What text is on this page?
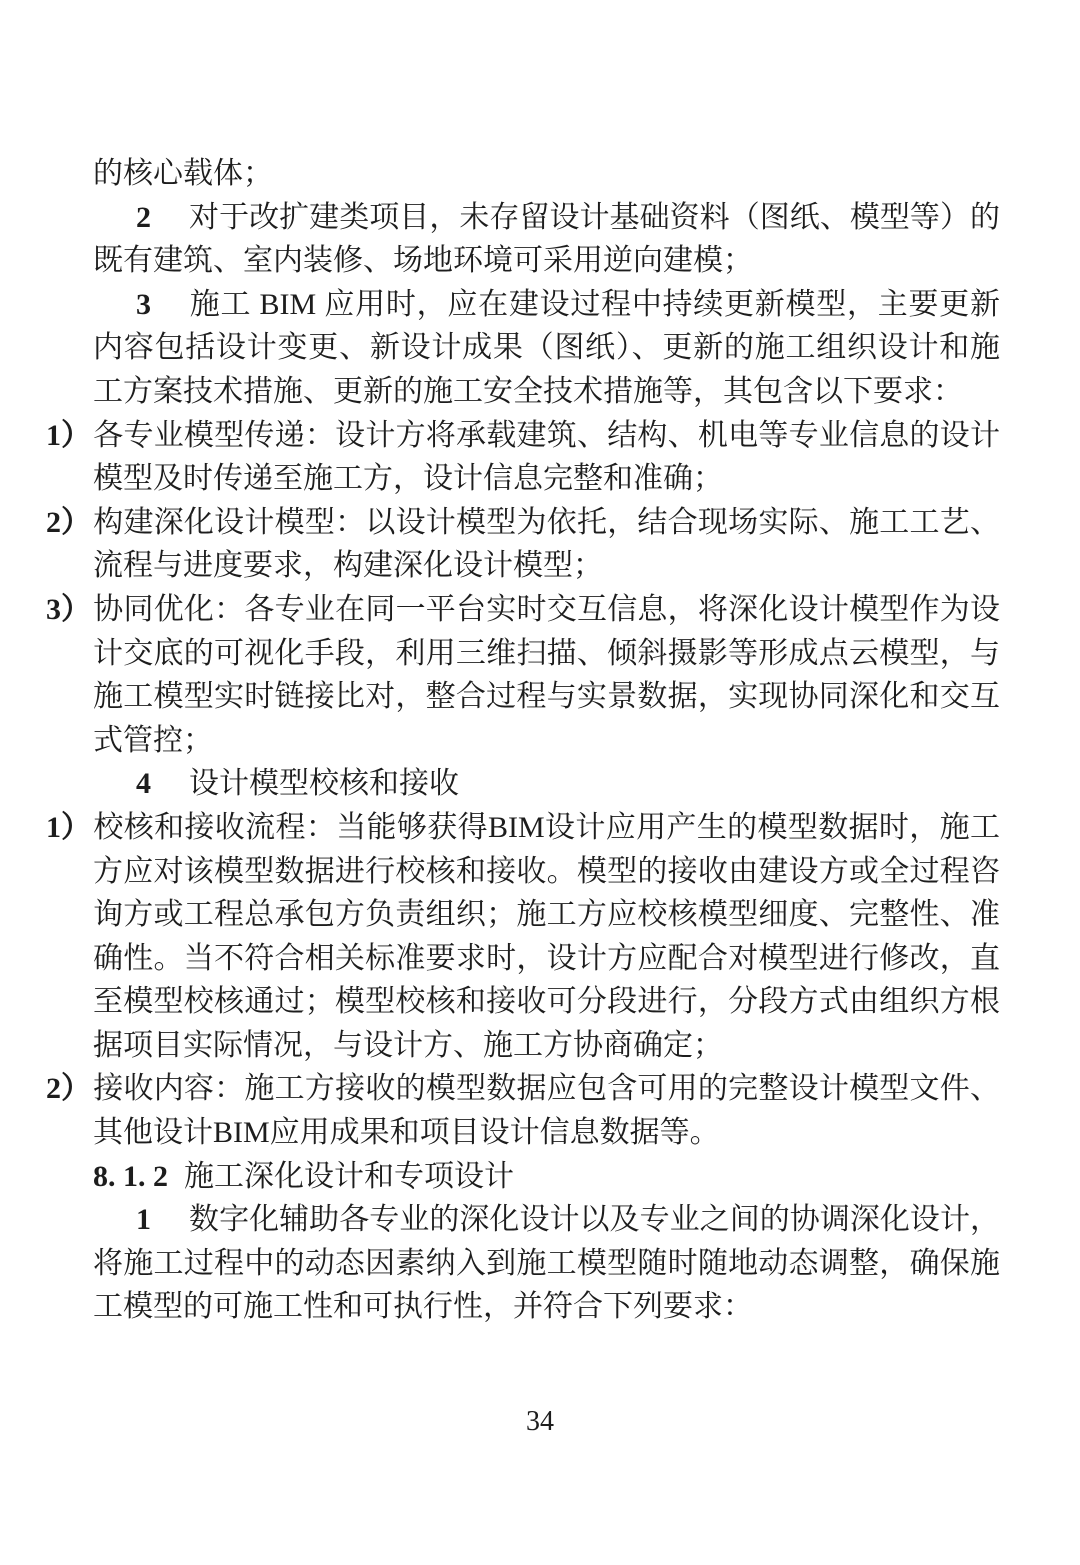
的核心载体；

2 对于改扩建类项目，未存留设计基础资料（图纸、模型等）的既有建筑、室内装修、场地环境可采用逆向建模；

3 施工 BIM 应用时，应在建设过程中持续更新模型，主要更新内容包括设计变更、新设计成果（图纸）、更新的施工组织设计和施工方案技术措施、更新的施工安全技术措施等，其包含以下要求：

1）各专业模型传递：设计方将承载建筑、结构、机电等专业信息的设计模型及时传递至施工方，设计信息完整和准确；

2）构建深化设计模型：以设计模型为依托，结合现场实际、施工工艺、流程与进度要求，构建深化设计模型；

3）协同优化：各专业在同一平台实时交互信息，将深化设计模型作为设计交底的可视化手段，利用三维扫描、倾斜摄影等形成点云模型，与施工模型实时链接比对，整合过程与实景数据，实现协同深化和交互式管控；

4 设计模型校核和接收

1）校核和接收流程：当能够获得BIM设计应用产生的模型数据时，施工方应对该模型数据进行校核和接收。模型的接收由建设方或全过程咨询方或工程总承包方负责组织；施工方应校核模型细度、完整性、准确性。当不符合相关标准要求时，设计方应配合对模型进行修改，直至模型校核通过；模型校核和接收可分段进行，分段方式由组织方根据项目实际情况，与设计方、施工方协商确定；

2）接收内容：施工方接收的模型数据应包含可用的完整设计模型文件、其他设计BIM应用成果和项目设计信息数据等。

8. 1. 2 施工深化设计和专项设计

1 数字化辅助各专业的深化设计以及专业之间的协调深化设计，将施工过程中的动态因素纳入到施工模型随时随地动态调整，确保施工模型的可施工性和可执行性，并符合下列要求：

34
